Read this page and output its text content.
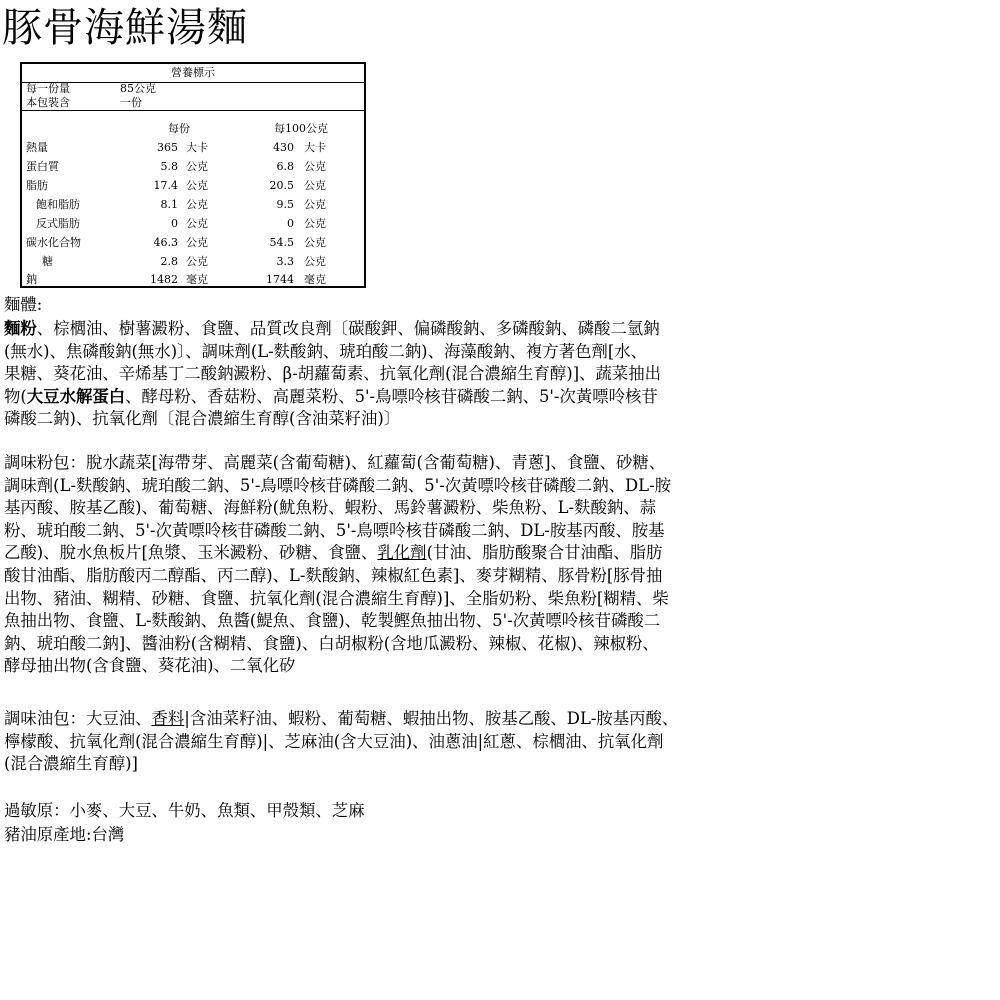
豚骨海鮮湯麵
營養標示
每一份量	85公克
本包裝含	一份
每份	每100公克
熱量	365 大卡	430 大卡
蛋白質	5.8 公克	6.8 公克
脂肪	17.4 公克	20.5 公克
飽和脂肪	8.1 公克	9.5 公克
反式脂肪	0 公克	0 公克
碳水化合物	46.3 公克	54.5 公克
糖	2.8 公克	3.3 公克
鈉	1482 毫克	1744 毫克

麵體:

麵粉、棕櫚油、樹薯澱粉、食鹽、品質改良劑〔碳酸鉀、偏磷酸鈉、多磷酸鈉、磷酸二氫鈉
(無水)、焦磷酸鈉(無水)〕、調味劑(L-麩酸鈉、琥珀酸二鈉)、海藻酸鈉、複方著色劑[水、
果糖、葵花油、辛烯基丁二酸鈉澱粉、β-胡蘿蔔素、抗氧化劑(混合濃縮生育醇)]、蔬菜抽出
物(大豆水解蛋白、酵母粉、香菇粉、高麗菜粉、5'-鳥嘌呤核苷磷酸二鈉、5'-次黃嘌呤核苷
磷酸二鈉)、抗氧化劑〔混合濃縮生育醇(含油菜籽油)〕

調味粉包：脫水蔬菜[海帶芽、高麗菜(含葡萄糖)、紅蘿蔔(含葡萄糖)、青蔥]、食鹽、砂糖、
調味劑(L-麩酸鈉、琥珀酸二鈉、5'-鳥嘌呤核苷磷酸二鈉、5'-次黃嘌呤核苷磷酸二鈉、DL-胺
基丙酸、胺基乙酸)、葡萄糖、海鮮粉(魷魚粉、蝦粉、馬鈴薯澱粉、柴魚粉、L-麩酸鈉、蒜
粉、琥珀酸二鈉、5'-次黃嘌呤核苷磷酸二鈉、5'-鳥嘌呤核苷磷酸二鈉、DL-胺基丙酸、胺基
乙酸)、脫水魚板片[魚漿、玉米澱粉、砂糖、食鹽、乳化劑(甘油、脂肪酸聚合甘油酯、脂肪
酸甘油酯、脂肪酸丙二醇酯、丙二醇)、L-麩酸鈉、辣椒紅色素]、麥芽糊精、豚骨粉[豚骨抽
出物、豬油、糊精、砂糖、食鹽、抗氧化劑(混合濃縮生育醇)]、全脂奶粉、柴魚粉[糊精、柴
魚抽出物、食鹽、L-麩酸鈉、魚醬(鯷魚、食鹽)、乾製鰹魚抽出物、5'-次黃嘌呤核苷磷酸二
鈉、琥珀酸二鈉]、醬油粉(含糊精、食鹽)、白胡椒粉(含地瓜澱粉、辣椒、花椒)、辣椒粉、
酵母抽出物(含食鹽、葵花油)、二氧化矽

調味油包：大豆油、香料|含油菜籽油、蝦粉、葡萄糖、蝦抽出物、胺基乙酸、DL-胺基丙酸、
檸檬酸、抗氧化劑(混合濃縮生育醇)|、芝麻油(含大豆油)、油蔥油|紅蔥、棕櫚油、抗氧化劑
(混合濃縮生育醇)]

過敏原：小麥、大豆、牛奶、魚類、甲殼類、芝麻

豬油原產地:台灣
